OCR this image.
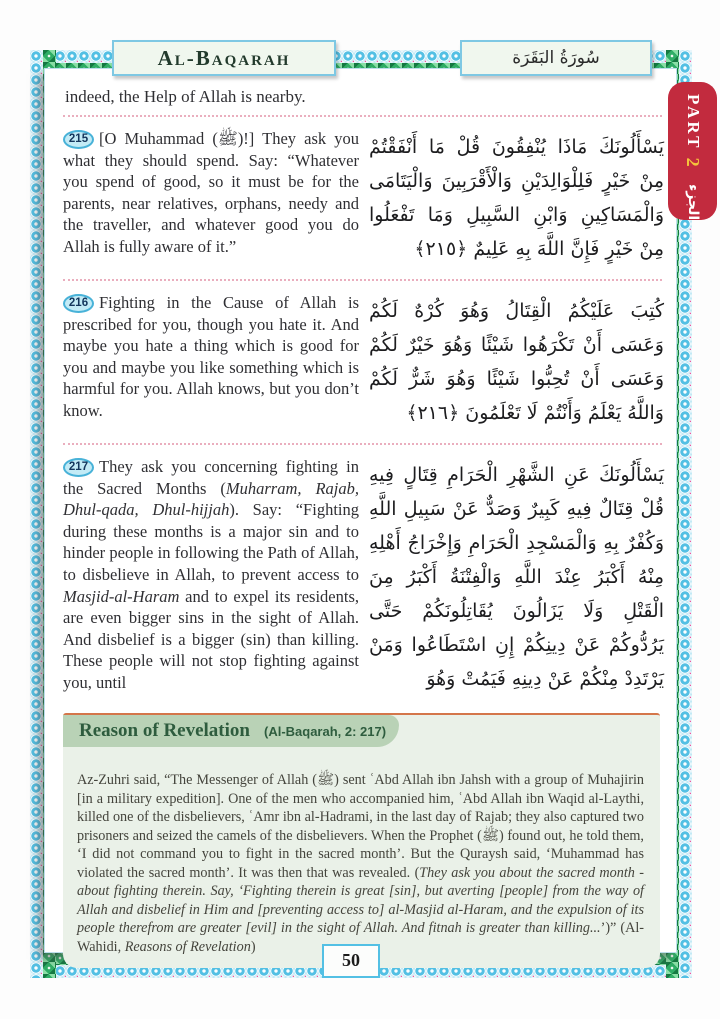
Al-Baqarah	سُورَةُ البَقَرَة
PART 2  الجزء

indeed, the Help of Allah is nearby.

215 [O Muhammad (ﷺ)!] They ask you what they should spend. Say: “Whatever you spend of good, so it must be for the parents, near relatives, orphans, needy and the traveller, and whatever good you do Allah is fully aware of it.”
يَسْأَلُونَكَ مَاذَا يُنْفِقُونَ قُلْ مَا أَنْفَقْتُمْ مِنْ خَيْرٍ فَلِلْوَالِدَيْنِ وَالْأَقْرَبِينَ وَالْيَتَامَى وَالْمَسَاكِينِ وَابْنِ السَّبِيلِ وَمَا تَفْعَلُوا مِنْ خَيْرٍ فَإِنَّ اللَّهَ بِهِ عَلِيمٌ ﴿٢١٥﴾
216 Fighting in the Cause of Allah is prescribed for you, though you hate it. And maybe you hate a thing which is good for you and maybe you like something which is harmful for you. Allah knows, but you don’t know.
كُتِبَ عَلَيْكُمُ الْقِتَالُ وَهُوَ كُرْهٌ لَكُمْ وَعَسَى أَنْ تَكْرَهُوا شَيْئًا وَهُوَ خَيْرٌ لَكُمْ وَعَسَى أَنْ تُحِبُّوا شَيْئًا وَهُوَ شَرٌّ لَكُمْ وَاللَّهُ يَعْلَمُ وَأَنْتُمْ لَا تَعْلَمُونَ ﴿٢١٦﴾
217 They ask you concerning fighting in the Sacred Months (Muharram, Rajab, Dhul-qada, Dhul-hijjah). Say: “Fighting during these months is a major sin and to hinder people in following the Path of Allah, to disbelieve in Allah, to prevent access to Masjid-al-Haram and to expel its residents, are even bigger sins in the sight of Allah. And disbelief is a bigger (sin) than killing. These people will not stop fighting against you, until
يَسْأَلُونَكَ عَنِ الشَّهْرِ الْحَرَامِ قِتَالٍ فِيهِ قُلْ قِتَالٌ فِيهِ كَبِيرٌ وَصَدٌّ عَنْ سَبِيلِ اللَّهِ وَكُفْرٌ بِهِ وَالْمَسْجِدِ الْحَرَامِ وَإِخْرَاجُ أَهْلِهِ مِنْهُ أَكْبَرُ عِنْدَ اللَّهِ وَالْفِتْنَةُ أَكْبَرُ مِنَ الْقَتْلِ وَلَا يَزَالُونَ يُقَاتِلُونَكُمْ حَتَّى يَرُدُّوكُمْ عَنْ دِينِكُمْ إِنِ اسْتَطَاعُوا وَمَنْ يَرْتَدِدْ مِنْكُمْ عَنْ دِينِهِ فَيَمُتْ وَهُوَ
Reason of Revelation (Al-Baqarah, 2: 217)

Az-Zuhri said, “The Messenger of Allah (ﷺ) sent ʿAbd Allah ibn Jahsh with a group of Muhajirin [in a military expedition]. One of the men who accompanied him, ʿAbd Allah ibn Waqid al-Laythi, killed one of the disbelievers, ʿAmr ibn al-Hadrami, in the last day of Rajab; they also captured two prisoners and seized the camels of the disbelievers. When the Prophet (ﷺ) found out, he told them, ‘I did not command you to fight in the sacred month’. But the Quraysh said, ‘Muhammad has violated the sacred month’. It was then that was revealed. (They ask you about the sacred month - about fighting therein. Say, ‘Fighting therein is great [sin], but averting [people] from the way of Allah and disbelief in Him and [preventing access to] al-Masjid al-Haram, and the expulsion of its people therefrom are greater [evil] in the sight of Allah. And fitnah is greater than killing...’)” (Al-Wahidi, Reasons of Revelation)

50
